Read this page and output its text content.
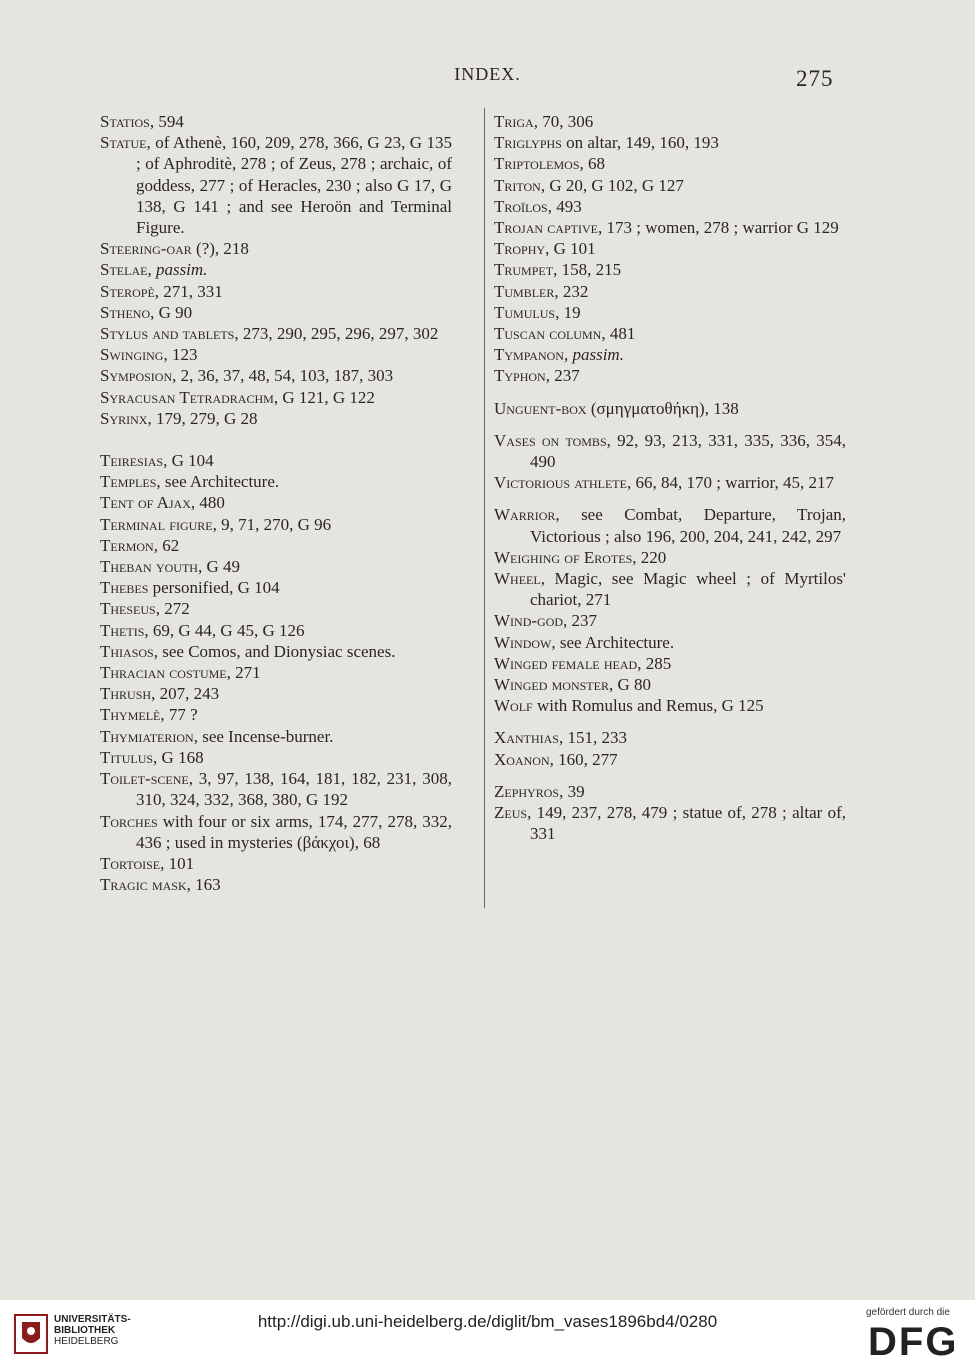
INDEX.	275
Statios, 594
Statue, of Athenè, 160, 209, 278, 366, G 23, G 135 ; of Aphroditè, 278 ; of Zeus, 278 ; archaic, of goddess, 277 ; of Heracles, 230 ; also G 17, G 138, G 141 ; and see Heroön and Terminal Figure.
Steering-oar (?), 218
Stelae, passim.
Steropè, 271, 331
Stheno, G 90
Stylus and tablets, 273, 290, 295, 296, 297, 302
Swinging, 123
Symposion, 2, 36, 37, 48, 54, 103, 187, 303
Syracusan Tetradrachm, G 121, G 122
Syrinx, 179, 279, G 28
Teiresias, G 104
Temples, see Architecture.
Tent of Ajax, 480
Terminal figure, 9, 71, 270, G 96
Termon, 62
Theban youth, G 49
Thebes personified, G 104
Theseus, 272
Thetis, 69, G 44, G 45, G 126
Thiasos, see Comos, and Dionysiac scenes.
Thracian costume, 271
Thrush, 207, 243
Thymelè, 77 ?
Thymiaterion, see Incense-burner.
Titulus, G 168
Toilet-scene, 3, 97, 138, 164, 181, 182, 231, 308, 310, 324, 332, 368, 380, G 192
Torches with four or six arms, 174, 277, 278, 332, 436 ; used in mysteries (βάκχοι), 68
Tortoise, 101
Tragic mask, 163
Triga, 70, 306
Triglyphs on altar, 149, 160, 193
Triptolemos, 68
Triton, G 20, G 102, G 127
Troïlos, 493
Trojan captive, 173 ; women, 278 ; warrior G 129
Trophy, G 101
Trumpet, 158, 215
Tumbler, 232
Tumulus, 19
Tuscan column, 481
Tympanon, passim.
Typhon, 237
Unguent-box (σμηγματοθήκη), 138
Vases on tombs, 92, 93, 213, 331, 335, 336, 354, 490
Victorious athlete, 66, 84, 170 ; warrior, 45, 217
Warrior, see Combat, Departure, Trojan, Victorious ; also 196, 200, 204, 241, 242, 297
Weighing of Erotes, 220
Wheel, Magic, see Magic wheel ; of Myrtilos' chariot, 271
Wind-god, 237
Window, see Architecture.
Winged female head, 285
Winged monster, G 80
Wolf with Romulus and Remus, G 125
Xanthias, 151, 233
Xoanon, 160, 277
Zephyros, 39
Zeus, 149, 237, 278, 479 ; statue of, 278 ; altar of, 331
UNIVERSITÄTS-
BIBLIOTHEK
HEIDELBERG
http://digi.ub.uni-heidelberg.de/diglit/bm_vases1896bd4/0280	gefördert durch die
DFG
